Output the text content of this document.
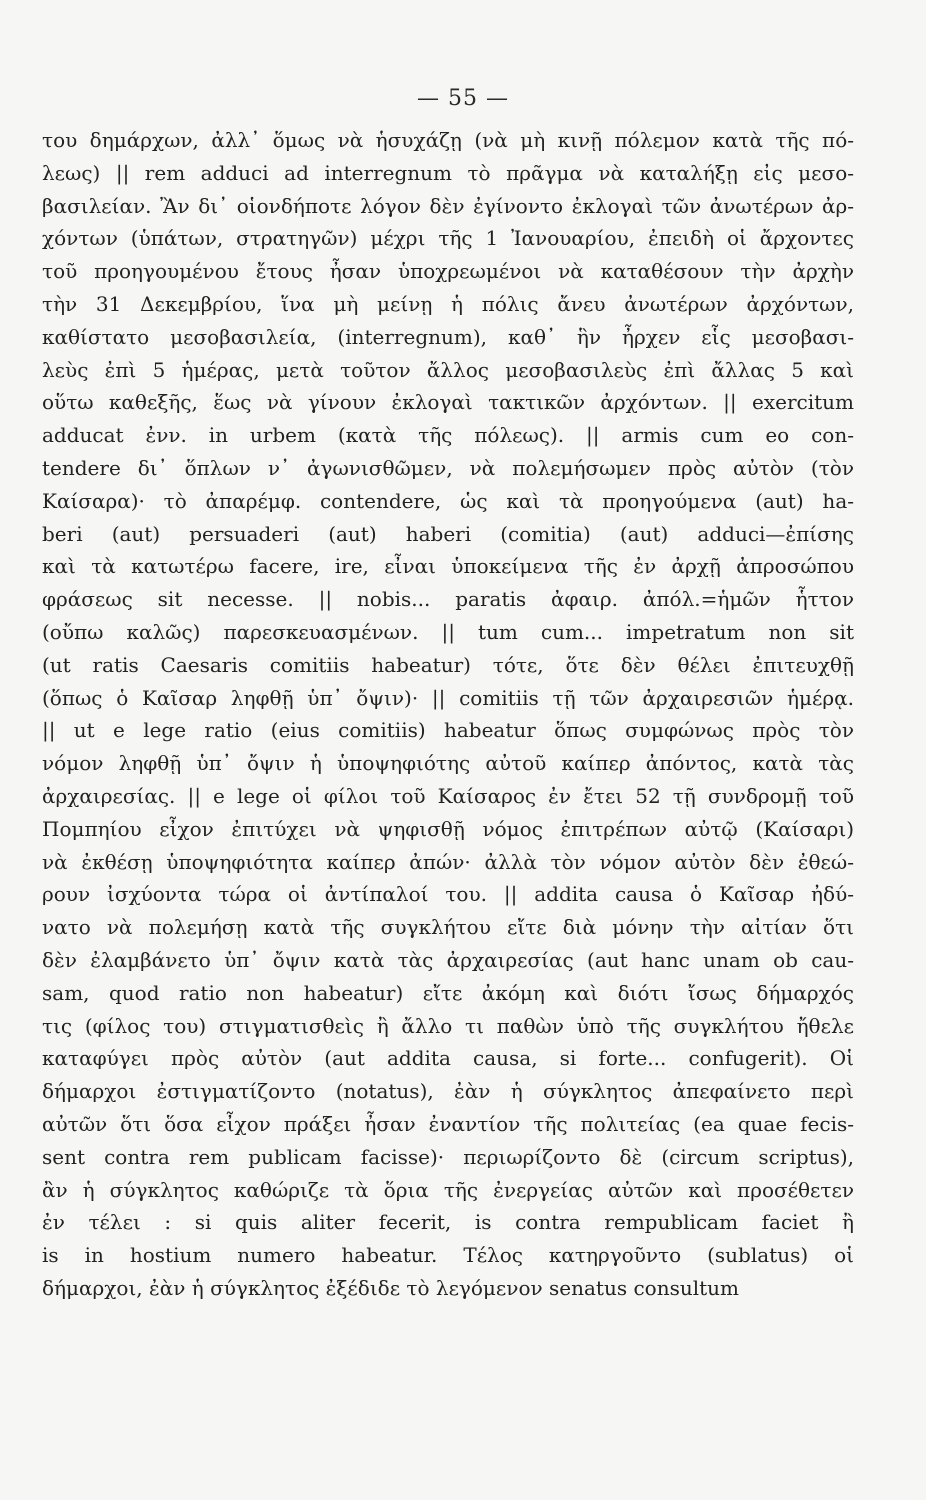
— 55 —
του δημάρχων, ἀλλ᾽ ὅμως νὰ ἡσυχάζῃ (νὰ μὴ κινῇ πόλεμον κατὰ τῆς πό-
λεως) || rem adduci ad interregnum τὸ πρᾶγμα νὰ καταλήξῃ εἰς μεσο-
βασιλείαν. Ἂν δι᾽ οἱονδήποτε λόγον δὲν ἐγίνοντο ἐκλογαὶ τῶν ἀνωτέρων ἀρ-
χόντων (ὑπάτων, στρατηγῶν) μέχρι τῆς 1 Ἰανουαρίου, ἐπειδὴ οἱ ἄρχοντες
τοῦ προηγουμένου ἔτους ἦσαν ὑποχρεωμένοι νὰ καταθέσουν τὴν ἀρχὴν
τὴν 31 Δεκεμβρίου, ἵνα μὴ μείνῃ ἡ πόλις ἄνευ ἀνωτέρων ἀρχόντων,
καθίστατο μεσοβασιλεία, (interregnum), καθ᾽ ἣν ἦρχεν εἷς μεσοβασι-
λεὺς ἐπὶ 5 ἡμέρας, μετὰ τοῦτον ἄλλος μεσοβασιλεὺς ἐπὶ ἄλλας 5 καὶ
οὕτω καθεξῆς, ἕως νὰ γίνουν ἐκλογαὶ τακτικῶν ἀρχόντων. || exercitum
adducat ἐνν. in urbem (κατὰ τῆς πόλεως). || armis cum eo con-
tendere δι᾽ ὅπλων ν᾽ ἀγωνισθῶμεν, νὰ πολεμήσωμεν πρὸς αὐτὸν (τὸν
Καίσαρα)· τὸ ἀπαρέμφ. contendere, ὡς καὶ τὰ προηγούμενα (aut) ha-
beri (aut) persuaderi (aut) haberi (comitia) (aut) adduci—ἐπίσης
καὶ τὰ κατωτέρω facere, ire, εἶναι ὑποκείμενα τῆς ἐν ἀρχῇ ἀπροσώπου
φράσεως sit necesse. || nobis... paratis ἀφαιρ. ἀπόλ.=ἡμῶν ἧττον
(οὔπω καλῶς) παρεσκευασμένων. || tum cum... impetratum non sit
(ut ratis Caesaris comitiis habeatur) τότε, ὅτε δὲν θέλει ἐπιτευχθῇ
(ὅπως ὁ Καῖσαρ ληφθῇ ὑπ᾽ ὄψιν)· || comitiis τῇ τῶν ἀρχαιρεσιῶν ἡμέρᾳ.
|| ut e lege ratio (eius comitiis) habeatur ὅπως συμφώνως πρὸς τὸν
νόμον ληφθῇ ὑπ᾽ ὄψιν ἡ ὑποψηφιότης αὐτοῦ καίπερ ἀπόντος, κατὰ τὰς
ἀρχαιρεσίας. || e lege οἱ φίλοι τοῦ Καίσαρος ἐν ἔτει 52 τῇ συνδρομῇ τοῦ
Πομπηίου εἶχον ἐπιτύχει νὰ ψηφισθῇ νόμος ἐπιτρέπων αὐτῷ (Καίσαρι)
νὰ ἐκθέσῃ ὑποψηφιότητα καίπερ ἀπών· ἀλλὰ τὸν νόμον αὐτὸν δὲν ἐθεώ-
ρουν ἰσχύοντα τώρα οἱ ἀντίπαλοί του. || addita causa ὁ Καῖσαρ ἠδύ-
νατο νὰ πολεμήσῃ κατὰ τῆς συγκλήτου εἴτε διὰ μόνην τὴν αἰτίαν ὅτι
δὲν ἐλαμβάνετο ὑπ᾽ ὄψιν κατὰ τὰς ἀρχαιρεσίας (aut hanc unam ob cau-
sam, quod ratio non habeatur) εἴτε ἀκόμη καὶ διότι ἴσως δήμαρχός
τις (φίλος του) στιγματισθεὶς ἢ ἄλλο τι παθὼν ὑπὸ τῆς συγκλήτου ἤθελε
καταφύγει πρὸς αὐτὸν (aut addita causa, si forte... confugerit). Οἱ
δήμαρχοι ἐστιγματίζοντο (notatus), ἐὰν ἡ σύγκλητος ἀπεφαίνετο περὶ
αὐτῶν ὅτι ὅσα εἶχον πράξει ἦσαν ἐναντίον τῆς πολιτείας (ea quae fecis-
sent contra rem publicam facisse)· περιωρίζοντο δὲ (circum scriptus),
ἂν ἡ σύγκλητος καθώριζε τὰ ὅρια τῆς ἐνεργείας αὐτῶν καὶ προσέθετεν
ἐν τέλει : si quis aliter fecerit, is contra rempublicam faciet ἢ
is in hostium numero habeatur. Τέλος κατηργοῦντο (sublatus) οἱ
δήμαρχοι, ἐὰν ἡ σύγκλητος ἐξέδιδε τὸ λεγόμενον senatus consultum
